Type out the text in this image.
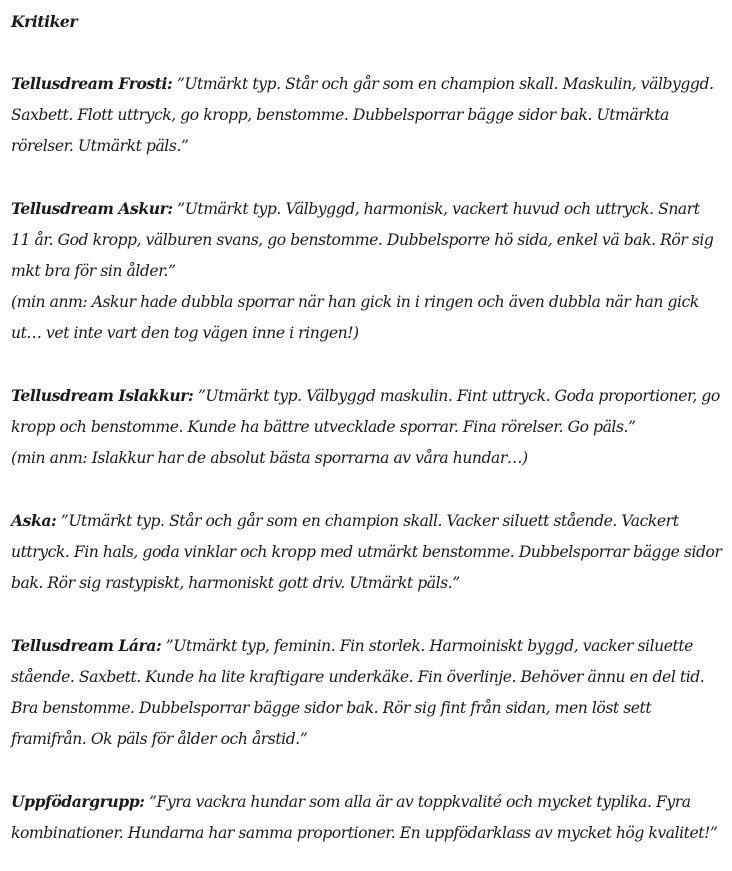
Kritiker

Tellusdream Frosti: ”Utmärkt typ. Står och går som en champion skall. Maskulin, välbyggd. Saxbett. Flott uttryck, go kropp, benstomme. Dubbelsporrar bägge sidor bak. Utmärkta rörelser. Utmärkt päls.”

Tellusdream Askur: ”Utmärkt typ. Välbyggd, harmonisk, vackert huvud och uttryck. Snart 11 år. God kropp, välburen svans, go benstomme. Dubbelsporre hö sida, enkel vä bak. Rör sig mkt bra för sin ålder.”

(min anm: Askur hade dubbla sporrar när han gick in i ringen och även dubbla när han gick ut… vet inte vart den tog vägen inne i ringen!)

Tellusdream Islakkur: ”Utmärkt typ. Välbyggd maskulin. Fint uttryck. Goda proportioner, go kropp och benstomme. Kunde ha bättre utvecklade sporrar. Fina rörelser. Go päls.”

(min anm: Islakkur har de absolut bästa sporrarna av våra hundar…)

Aska: ”Utmärkt typ. Står och går som en champion skall. Vacker siluett stående. Vackert uttryck. Fin hals, goda vinklar och kropp med utmärkt benstomme. Dubbelsporrar bägge sidor bak. Rör sig rastypiskt, harmoniskt gott driv. Utmärkt päls.”

Tellusdream Lára: ”Utmärkt typ, feminin. Fin storlek. Harmoiniskt byggd, vacker siluette stående. Saxbett. Kunde ha lite kraftigare underkäke. Fin överlinje. Behöver ännu en del tid. Bra benstomme. Dubbelsporrar bägge sidor bak. Rör sig fint från sidan, men löst sett framifrån. Ok päls för ålder och årstid.”

Uppfödargrupp: ”Fyra vackra hundar som alla är av toppkvalité och mycket typlika. Fyra kombinationer. Hundarna har samma proportioner. En uppfödarklass av mycket hög kvalitet!”
